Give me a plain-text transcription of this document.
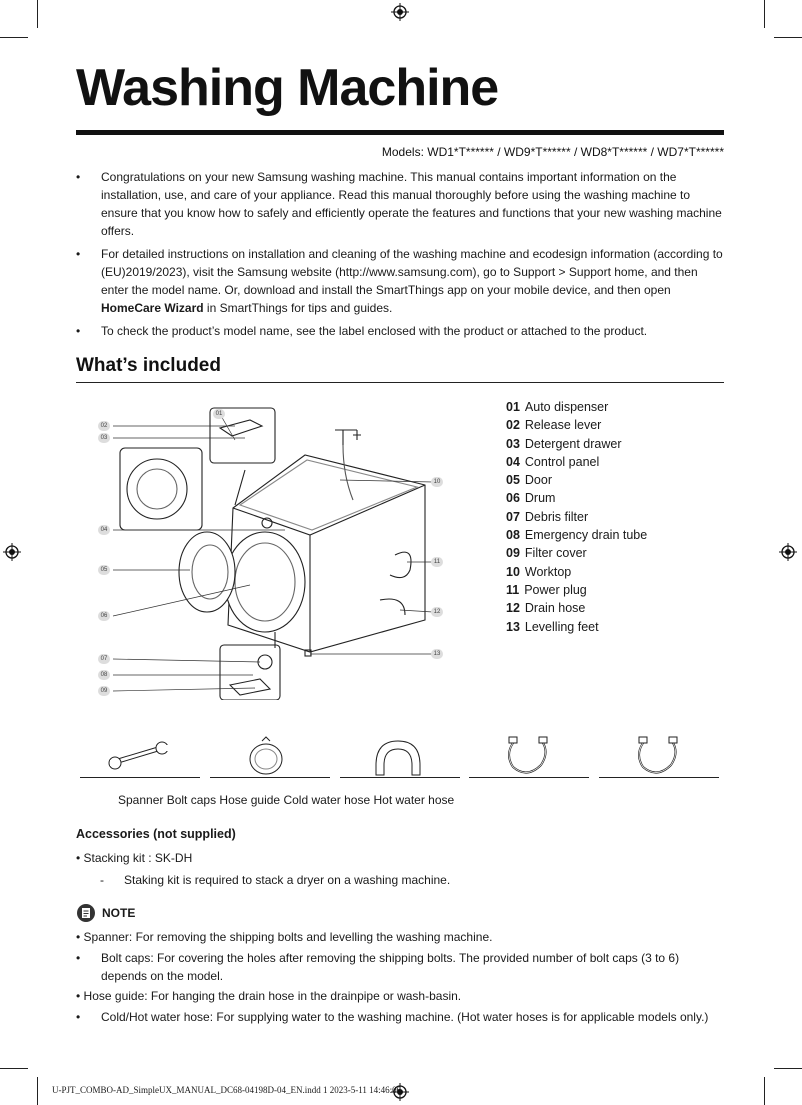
Washing Machine
Models: WD1*T****** / WD9*T****** / WD8*T****** / WD7*T******
• Congratulations on your new Samsung washing machine. This manual contains important information on the installation, use, and care of your appliance. Read this manual thoroughly before using the washing machine to ensure that you know how to safely and efficiently operate the features and functions that your new washing machine offers.
• For detailed instructions on installation and cleaning of the washing machine and ecodesign information (according to (EU)2019/2023), visit the Samsung website (http://www.samsung.com), go to Support > Support home, and then enter the model name. Or, download and install the SmartThings app on your mobile device, and then open HomeCare Wizard in SmartThings for tips and guides.
• To check the product’s model name, see the label enclosed with the product or attached to the product.
What’s included
01
02
03
04
05
06
07
08
09
10
11
12
13
01 Auto dispenser
02 Release lever
03 Detergent drawer
04 Control panel
05 Door
06 Drum
07 Debris filter
08 Emergency drain tube
09 Filter cover
10 Worktop
11 Power plug
12 Drain hose
13 Levelling feet
Spanner Bolt caps Hose guide Cold water hose Hot water hose
Accessories (not supplied)
• Stacking kit : SK-DH
-      Staking kit is required to stack a dryer on a washing machine.
NOTE
• Spanner: For removing the shipping bolts and levelling the washing machine.
• Bolt caps: For covering the holes after removing the shipping bolts. The provided number of bolt caps (3 to 6) depends on the model.
• Hose guide: For hanging the drain hose in the drainpipe or wash-basin.
• Cold/Hot water hose: For supplying water to the washing machine. (Hot water hoses is for applicable models only.)
U-PJT_COMBO-AD_SimpleUX_MANUAL_DC68-04198D-04_EN.indd 1 2023-5-11 14:46:06
